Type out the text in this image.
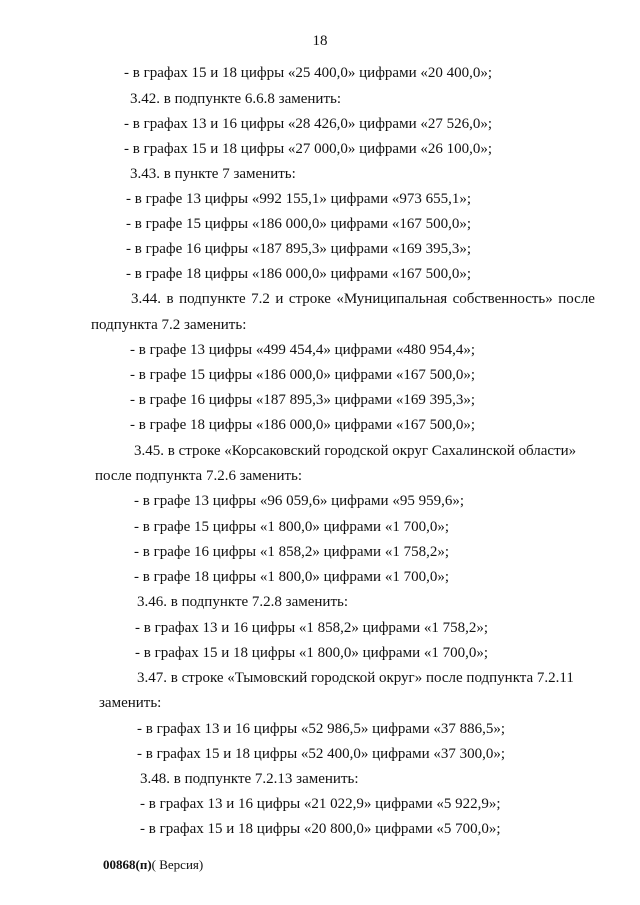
18
- в графах 15 и 18 цифры «25 400,0» цифрами «20 400,0»;
3.42. в подпункте 6.6.8 заменить:
- в графах 13 и 16 цифры «28 426,0» цифрами «27 526,0»;
- в графах 15 и 18 цифры «27 000,0» цифрами «26 100,0»;
3.43. в пункте 7 заменить:
- в графе 13 цифры «992 155,1» цифрами «973 655,1»;
- в графе 15 цифры «186 000,0» цифрами «167 500,0»;
- в графе 16 цифры «187 895,3» цифрами «169 395,3»;
- в графе 18 цифры «186 000,0» цифрами «167 500,0»;
3.44. в подпункте 7.2 и строке «Муниципальная собственность» после
подпункта 7.2 заменить:
- в графе 13 цифры «499 454,4» цифрами «480 954,4»;
- в графе 15 цифры «186 000,0» цифрами «167 500,0»;
- в графе 16 цифры «187 895,3» цифрами «169 395,3»;
- в графе 18 цифры «186 000,0» цифрами «167 500,0»;
3.45. в строке «Корсаковский городской округ Сахалинской области»
после подпункта 7.2.6 заменить:
- в графе 13 цифры «96 059,6» цифрами «95 959,6»;
- в графе 15 цифры «1 800,0» цифрами «1 700,0»;
- в графе 16 цифры «1 858,2» цифрами «1 758,2»;
- в графе 18 цифры «1 800,0» цифрами «1 700,0»;
3.46. в подпункте 7.2.8 заменить:
- в графах 13 и 16 цифры «1 858,2» цифрами «1 758,2»;
- в графах 15 и 18 цифры «1 800,0» цифрами «1 700,0»;
3.47. в строке «Тымовский городской округ» после подпункта 7.2.11
заменить:
- в графах 13 и 16 цифры «52 986,5» цифрами «37 886,5»;
- в графах 15 и 18 цифры «52 400,0» цифрами «37 300,0»;
3.48. в подпункте 7.2.13 заменить:
- в графах 13 и 16 цифры «21 022,9» цифрами «5 922,9»;
- в графах 15 и 18 цифры «20 800,0» цифрами «5 700,0»;
00868(п)( Версия)
